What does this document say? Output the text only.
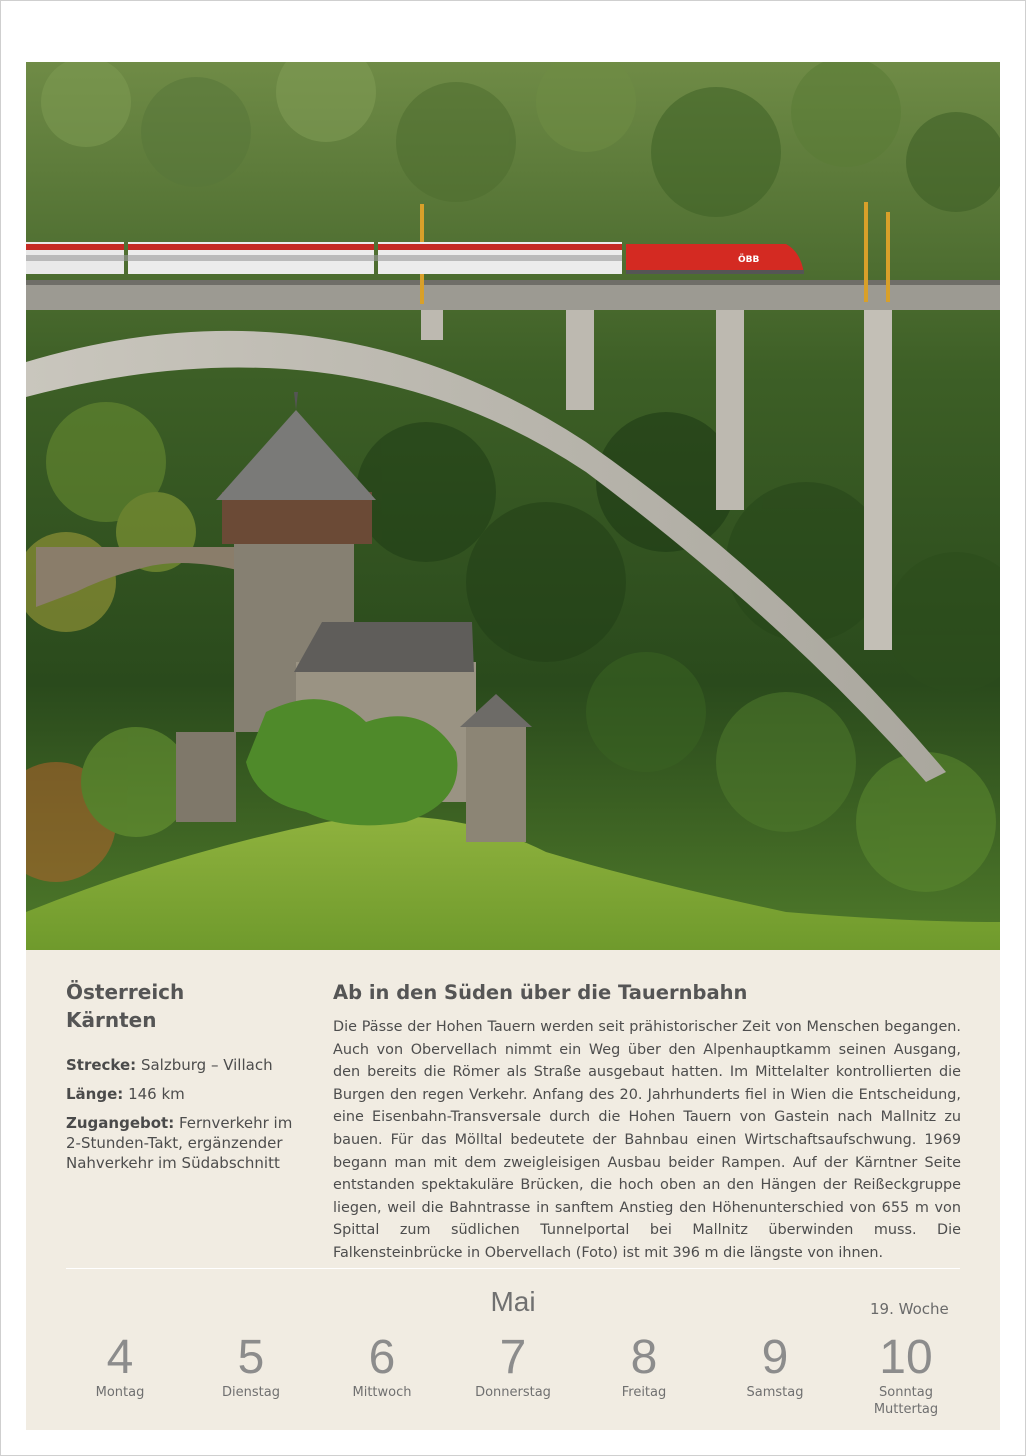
ÖBB
Österreich
Kärnten
Strecke: Salzburg – Villach
Länge: 146 km
Zugangebot: Fernverkehr im 2-Stunden-Takt, ergänzender Nahverkehr im Südabschnitt
Ab in den Süden über die Tauernbahn
Die Pässe der Hohen Tauern werden seit prähistorischer Zeit von Menschen begangen. Auch von Obervellach nimmt ein Weg über den Alpenhauptkamm seinen Ausgang, den bereits die Römer als Straße ausgebaut hatten. Im Mittelalter kontrollierten die Burgen den regen Verkehr. Anfang des 20. Jahrhunderts fiel in Wien die Entscheidung, eine Eisenbahn-Transversale durch die Hohen Tauern von Gastein nach Mallnitz zu bauen. Für das Mölltal bedeutete der Bahnbau einen Wirtschaftsaufschwung. 1969 begann man mit dem zweigleisigen Ausbau beider Rampen. Auf der Kärntner Seite entstanden spektakuläre Brücken, die hoch oben an den Hängen der Reißeckgruppe liegen, weil die Bahntrasse in sanftem Anstieg den Höhenunterschied von 655 m von Spittal zum südlichen Tunnelportal bei Mallnitz überwinden muss. Die Falkensteinbrücke in Obervellach (Foto) ist mit 396 m die längste von ihnen.
Mai	19. Woche
4
Montag
5
Dienstag
6
Mittwoch
7
Donnerstag
8
Freitag
9
Samstag
10
Sonntag
Muttertag
